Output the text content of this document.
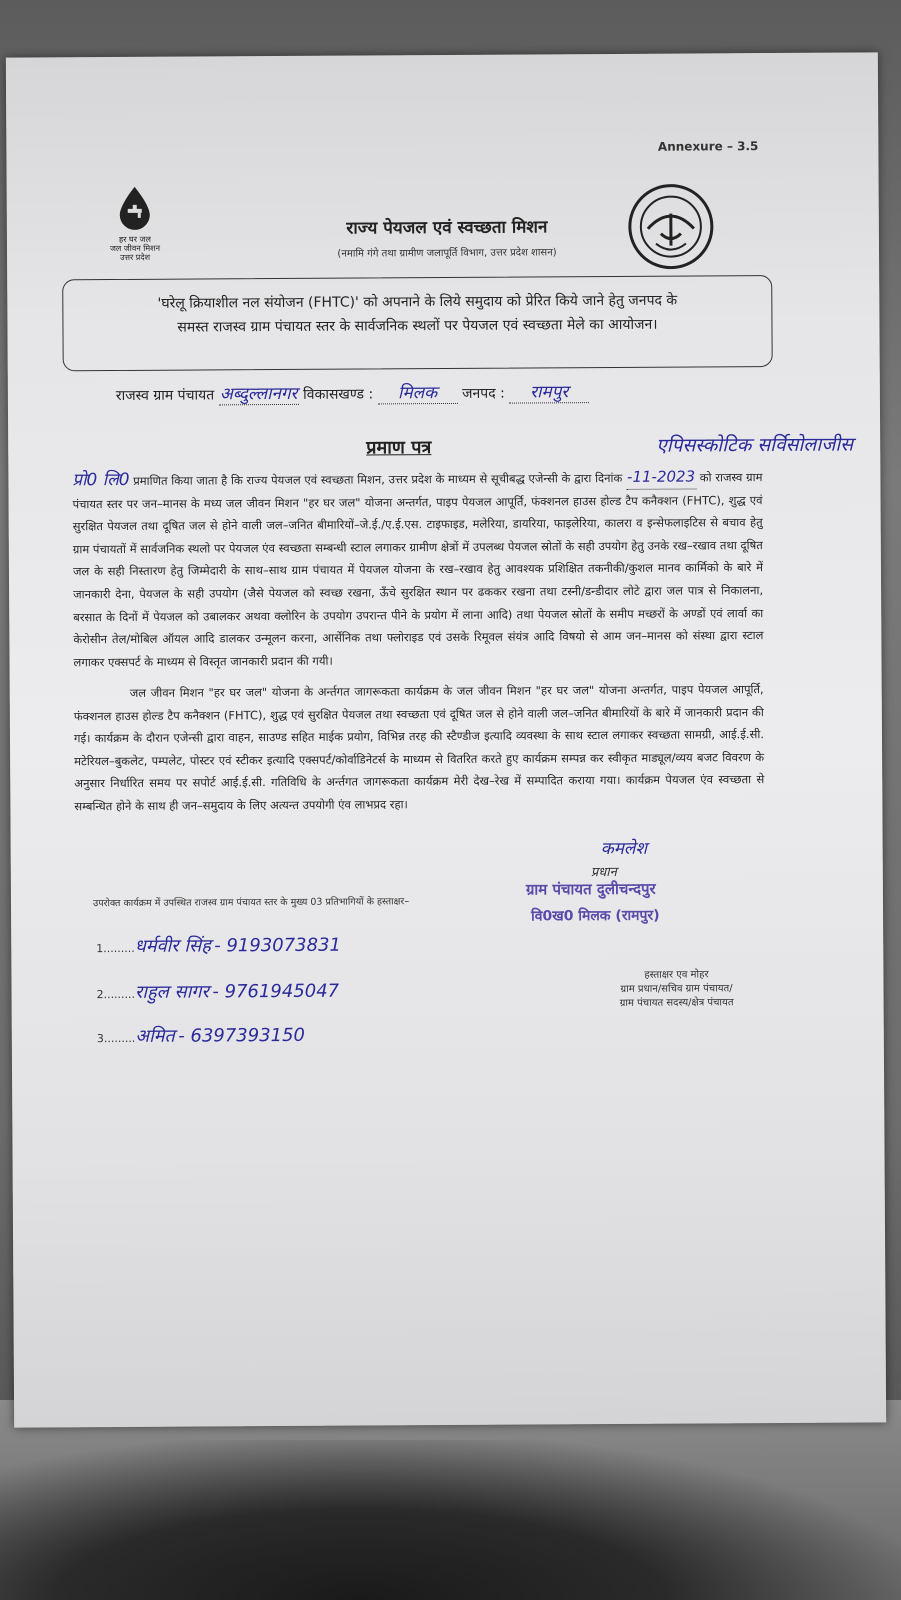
Annexure – 3.5
हर घर जल
जल जीवन मिशन
उत्तर प्रदेश
राज्य पेयजल एवं स्वच्छता मिशन
(नमामि गंगे तथा ग्रामीण जलापूर्ति विभाग, उत्तर प्रदेश शासन)
'घरेलू क्रियाशील नल संयोजन (FHTC)' को अपनाने के लिये समुदाय को प्रेरित किये जाने हेतु जनपद के
समस्त राजस्व ग्राम पंचायत स्तर के सार्वजनिक स्थलों पर पेयजल एवं स्वच्छता मेले का आयोजन।
राजस्व ग्राम पंचायत अब्दुल्लानगर विकासखण्ड : मिलक जनपद : रामपुर
प्रमाण पत्र	एपिसस्कोटिक सर्विसोलाजीस
प्रो0 लि0 प्रमाणित किया जाता है कि राज्य पेयजल एवं स्वच्छता मिशन, उत्तर प्रदेश के माध्यम से सूचीबद्ध एजेन्सी के द्वारा दिनांक -11-2023 को राजस्व ग्राम पंचायत स्तर पर जन–मानस के मध्य जल जीवन मिशन "हर घर जल" योजना अन्तर्गत, पाइप पेयजल आपूर्ति, फंक्शनल हाउस होल्ड टैप कनैक्शन (FHTC), शुद्ध एवं सुरक्षित पेयजल तथा दूषित जल से होने वाली जल–जनित बीमारियों–जे.ई./ए.ई.एस. टाइफाइड, मलेरिया, डायरिया, फाइलेरिया, कालरा व इन्सेफलाइटिस से बचाव हेतु ग्राम पंचायतों में सार्वजनिक स्थलो पर पेयजल एंव स्वच्छता सम्बन्धी स्टाल लगाकर ग्रामीण क्षेत्रों में उपलब्ध पेयजल स्रोतों के सही उपयोग हेतु उनके रख–रखाव तथा दूषित जल के सही निस्तारण हेतु जिम्मेदारी के साथ–साथ ग्राम पंचायत में पेयजल योजना के रख–रखाव हेतु आवश्यक प्रशिक्षित तकनीकी/कुशल मानव कार्मिको के बारे में जानकारी देना, पेयजल के सही उपयोग (जैसे पेयजल को स्वच्छ रखना, ऊँचे सुरक्षित स्थान पर ढककर रखना तथा टस्नी/डन्डीदार लोटे द्वारा जल पात्र से निकालना, बरसात के दिनों में पेयजल को उबालकर अथवा क्लोरिन के उपयोग उपरान्त पीने के प्रयोग में लाना आदि) तथा पेयजल स्रोतों के समीप मच्छरों के अण्डों एवं लार्वा का केरोसीन तेल/मोबिल ऑयल आदि डालकर उन्मूलन करना, आर्सेनिक तथा फ्लोराइड एवं उसके रिमूवल संयंत्र आदि विषयो से आम जन–मानस को संस्था द्वारा स्टाल लगाकर एक्सपर्ट के माध्यम से विस्तृत जानकारी प्रदान की गयी।
जल जीवन मिशन "हर घर जल" योजना के अर्न्तगत जागरूकता कार्यक्रम के जल जीवन मिशन "हर घर जल" योजना अन्तर्गत, पाइप पेयजल आपूर्ति, फंक्शनल हाउस होल्ड टैप कनैक्शन (FHTC), शुद्ध एवं सुरक्षित पेयजल तथा स्वच्छता एवं दूषित जल से होने वाली जल–जनित बीमारियों के बारे में जानकारी प्रदान की गई। कार्यक्रम के दौरान एजेन्सी द्वारा वाहन, साउण्ड सहित माईक प्रयोग, विभिन्न तरह की स्टैण्डीज इत्यादि व्यवस्था के साथ स्टाल लगाकर स्वच्छता सामग्री, आई.ई.सी. मटेरियल–बुकलेट, पम्पलेट, पोस्टर एवं स्टीकर इत्यादि एक्सपर्ट/कोर्वाडिनेटर्स के माध्यम से वितरित करते हुए कार्यक्रम सम्पन्न कर स्वीकृत माड्यूल/व्यय बजट विवरण के अनुसार निर्धारित समय पर सपोर्ट आई.ई.सी. गतिविधि के अर्न्तगत जागरूकता कार्यक्रम मेरी देख–रेख में सम्पादित कराया गया। कार्यक्रम पेयजल एंव स्वच्छता से सम्बन्धित होने के साथ ही जन–समुदाय के लिए अत्यन्त उपयोगी एंव लाभप्रद रहा।
कमलेश
प्रधान
ग्राम पंचायत दुलीचन्दपुर
वि0ख0 मिलक (रामपुर)
उपरोक्त कार्यक्रम में उपस्थित राजस्व ग्राम पंचायत स्तर के मुख्य 03 प्रतिभागियों के हस्ताक्षर–
1.........धर्मवीर सिंह - 9193073831
2.........राहुल सागर - 9761945047
3.........अमित - 6397393150
हस्ताक्षर एव मोहर
ग्राम प्रधान/सचिव ग्राम पंचायत/
ग्राम पंचायत सदस्य/क्षेत्र पंचायत
